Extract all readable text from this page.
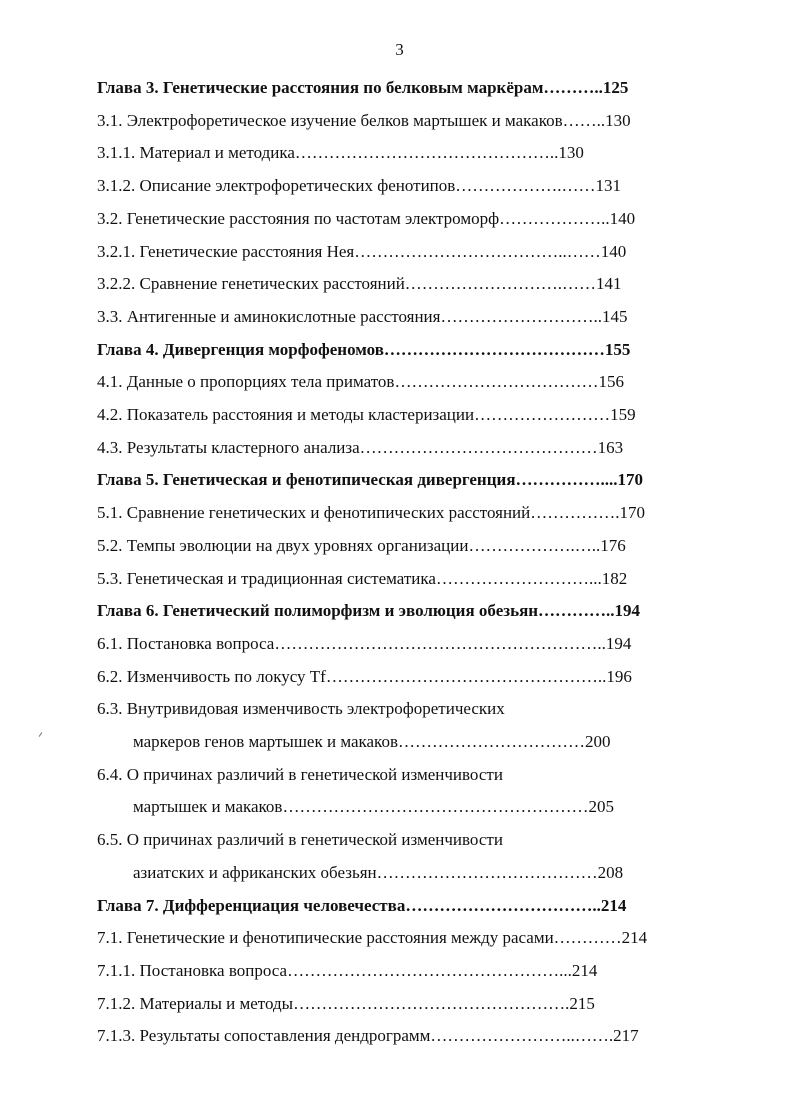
3
Глава 3. Генетические расстояния по белковым маркёрам………..125
3.1. Электрофоретическое изучение белков мартышек и макаков……..130
3.1.1. Материал и методика………………………………………..130
3.1.2. Описание электрофоретических фенотипов……………….……131
3.2. Генетические расстояния по частотам электроморф………………..140
3.2.1. Генетические расстояния Нея………………………………..……140
3.2.2. Сравнение генетических расстояний……………………….……141
3.3. Антигенные и аминокислотные расстояния………………………..145
Глава 4. Дивергенция морфофеномов…………………………………155
4.1. Данные о пропорциях тела приматов………………………………156
4.2. Показатель расстояния и методы кластеризации……………………159
4.3. Результаты кластерного анализа……………………………………163
Глава 5. Генетическая и фенотипическая дивергенция……………....170
5.1. Сравнение генетических и фенотипических расстояний…………….170
5.2. Темпы эволюции на двух уровнях организации……………….…..176
5.3. Генетическая и традиционная систематика………………………...182
Глава 6. Генетический полиморфизм и эволюция обезьян…………..194
6.1. Постановка вопроса…………………………………………………..194
6.2. Изменчивость по локусу Tf…………………………………………..196
6.3. Внутривидовая изменчивость электрофоретических
маркеров генов мартышек и макаков……………………………200
6.4. О причинах различий в генетической изменчивости
мартышек и макаков………………………………………………205
6.5. О причинах различий в генетической изменчивости
азиатских и африканских обезьян…………………………………208
Глава 7. Дифференциация человечества……………………………..214
7.1. Генетические и фенотипические расстояния между расами…………214
7.1.1. Постановка вопроса…………………………………………...214
7.1.2. Материалы и методы………………………………………….215
7.1.3. Результаты сопоставления дендрограмм……………………..…….217
